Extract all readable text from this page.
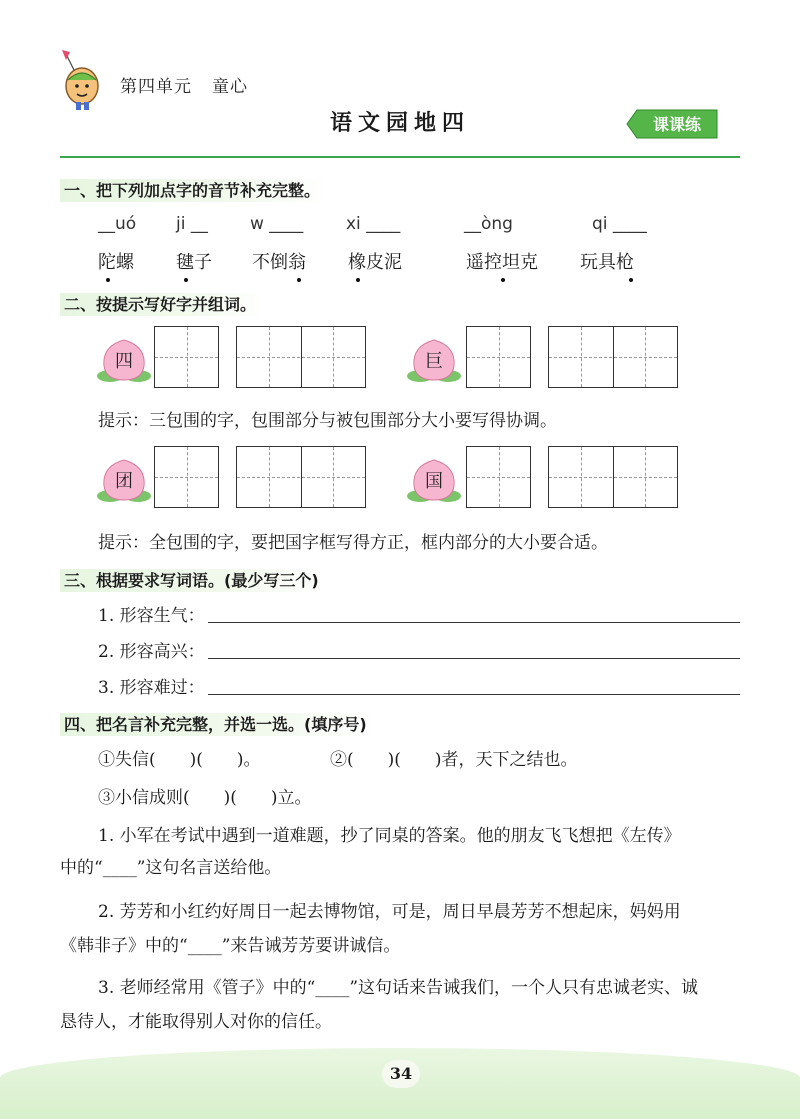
第四单元 童心
语文园地四	课课练
一、把下列加点字的音节补充完整。
__uó ji __ w ____	xi ____	__òng	qi ____
陀螺 毽子 不倒翁 橡皮泥	遥控坦克 玩具枪
二、按提示写好字并组词。
四	巨
提示：三包围的字，包围部分与被包围部分大小要写得协调。
团	国
提示：全包围的字，要把国字框写得方正，框内部分的大小要合适。
三、根据要求写词语。(最少写三个)
1. 形容生气：
2. 形容高兴：
3. 形容难过：
四、把名言补充完整，并选一选。(填序号)
①失信(　　)(　　)。	②(　　)(　　)者，天下之结也。
③小信成则(　　)(　　)立。
1. 小军在考试中遇到一道难题，抄了同桌的答案。他的朋友飞飞想把《左传》
中的“____”这句名言送给他。
2. 芳芳和小红约好周日一起去博物馆，可是，周日早晨芳芳不想起床，妈妈用
《韩非子》中的“____”来告诫芳芳要讲诚信。
3. 老师经常用《管子》中的“____”这句话来告诫我们，一个人只有忠诚老实、诚
恳待人，才能取得别人对你的信任。
34
